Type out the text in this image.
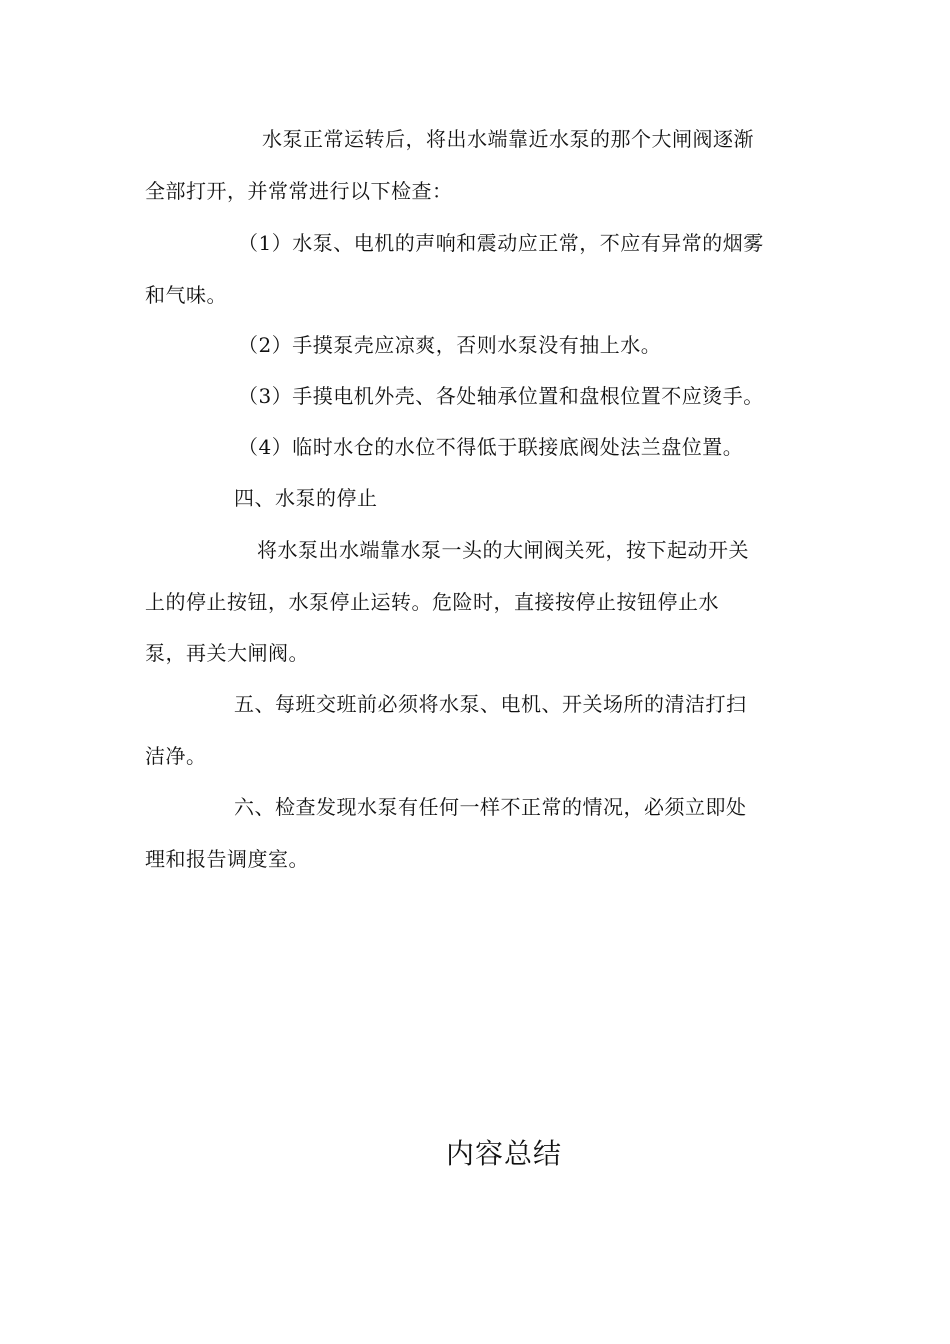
水泵正常运转后，将出水端靠近水泵的那个大闸阀逐渐
全部打开，并常常进行以下检查：
（1）水泵、电机的声响和震动应正常，不应有异常的烟雾
和气味。
（2）手摸泵壳应凉爽，否则水泵没有抽上水。
（3）手摸电机外壳、各处轴承位置和盘根位置不应烫手。
（4）临时水仓的水位不得低于联接底阀处法兰盘位置。
四、水泵的停止
将水泵出水端靠水泵一头的大闸阀关死，按下起动开关
上的停止按钮，水泵停止运转。危险时，直接按停止按钮停止水
泵，再关大闸阀。
五、每班交班前必须将水泵、电机、开关场所的清洁打扫
洁净。
六、检查发现水泵有任何一样不正常的情况，必须立即处
理和报告调度室。
内容总结
